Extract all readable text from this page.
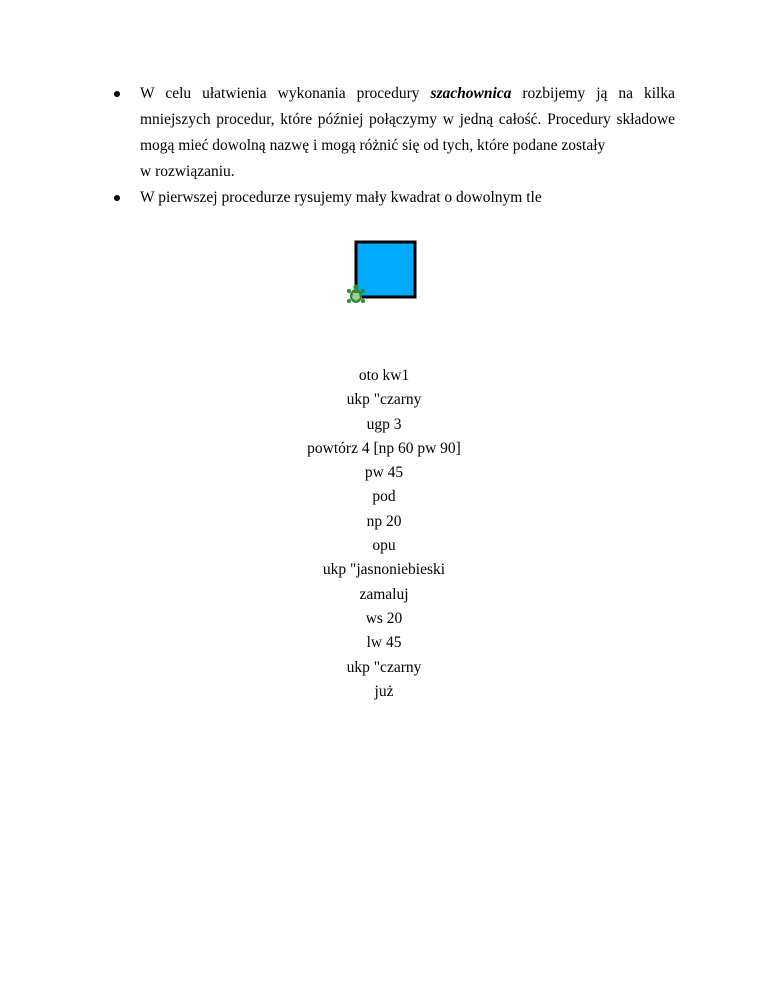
W celu ułatwienia wykonania procedury szachownica rozbijemy ją na kilka mniejszych procedur, które później połączymy w jedną całość. Procedury składowe mogą mieć dowolną nazwę i mogą różnić się od tych, które podane zostały
w rozwiązaniu.
W pierwszej procedurze rysujemy mały kwadrat o dowolnym tle
oto kw1
ukp "czarny
ugp 3
powtórz 4 [np 60 pw 90]
pw 45
pod
np 20
opu
ukp "jasnoniebieski
zamaluj
ws 20
lw 45
ukp "czarny
już
